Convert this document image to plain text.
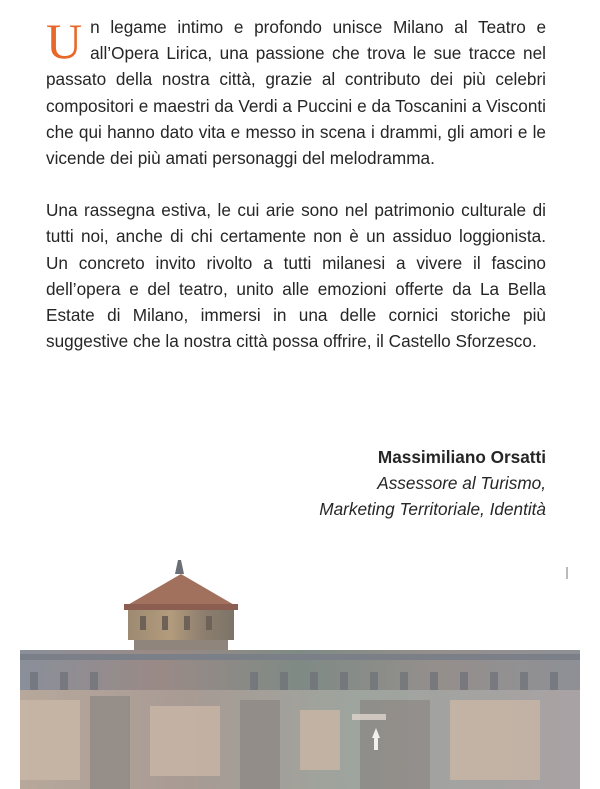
Un legame intimo e profondo unisce Milano al Teatro e all’Opera Lirica, una passione che trova le sue tracce nel passato della nostra città, grazie al contributo dei più celebri compositori e maestri da Verdi a Puccini e da Toscanini a Visconti che qui hanno dato vita e messo in scena i drammi, gli amori e le vicende dei più amati personaggi del melodramma.

Una rassegna estiva, le cui arie sono nel patrimonio culturale di tutti noi, anche di chi certamente non è un assiduo loggionista. Un concreto invito rivolto a tutti milanesi a vivere il fascino dell’opera e del teatro, unito alle emozioni offerte da La Bella Estate di Milano, immersi in una delle cornici storiche più suggestive che la nostra città possa offrire, il Castello Sforzesco.

Massimiliano Orsatti
Assessore al Turismo,
Marketing Territoriale, Identità
